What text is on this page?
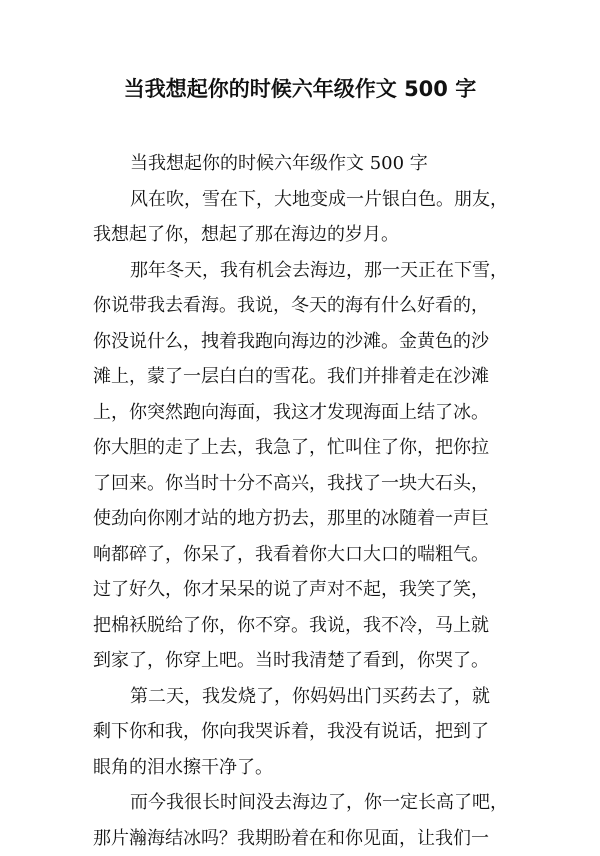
当我想起你的时候六年级作文 500 字
当我想起你的时候六年级作文 500 字
风在吹，雪在下，大地变成一片银白色。朋友，
我想起了你，想起了那在海边的岁月。
那年冬天，我有机会去海边，那一天正在下雪，
你说带我去看海。我说，冬天的海有什么好看的，
你没说什么，拽着我跑向海边的沙滩。金黄色的沙
滩上，蒙了一层白白的雪花。我们并排着走在沙滩
上，你突然跑向海面，我这才发现海面上结了冰。
你大胆的走了上去，我急了，忙叫住了你，把你拉
了回来。你当时十分不高兴，我找了一块大石头，
使劲向你刚才站的地方扔去，那里的冰随着一声巨
响都碎了，你呆了，我看着你大口大口的喘粗气。
过了好久，你才呆呆的说了声对不起，我笑了笑，
把棉袄脱给了你，你不穿。我说，我不冷，马上就
到家了，你穿上吧。当时我清楚了看到，你哭了。
第二天，我发烧了，你妈妈出门买药去了，就
剩下你和我，你向我哭诉着，我没有说话，把到了
眼角的泪水擦干净了。
而今我很长时间没去海边了，你一定长高了吧，
那片瀚海结冰吗？我期盼着在和你见面，让我们一
